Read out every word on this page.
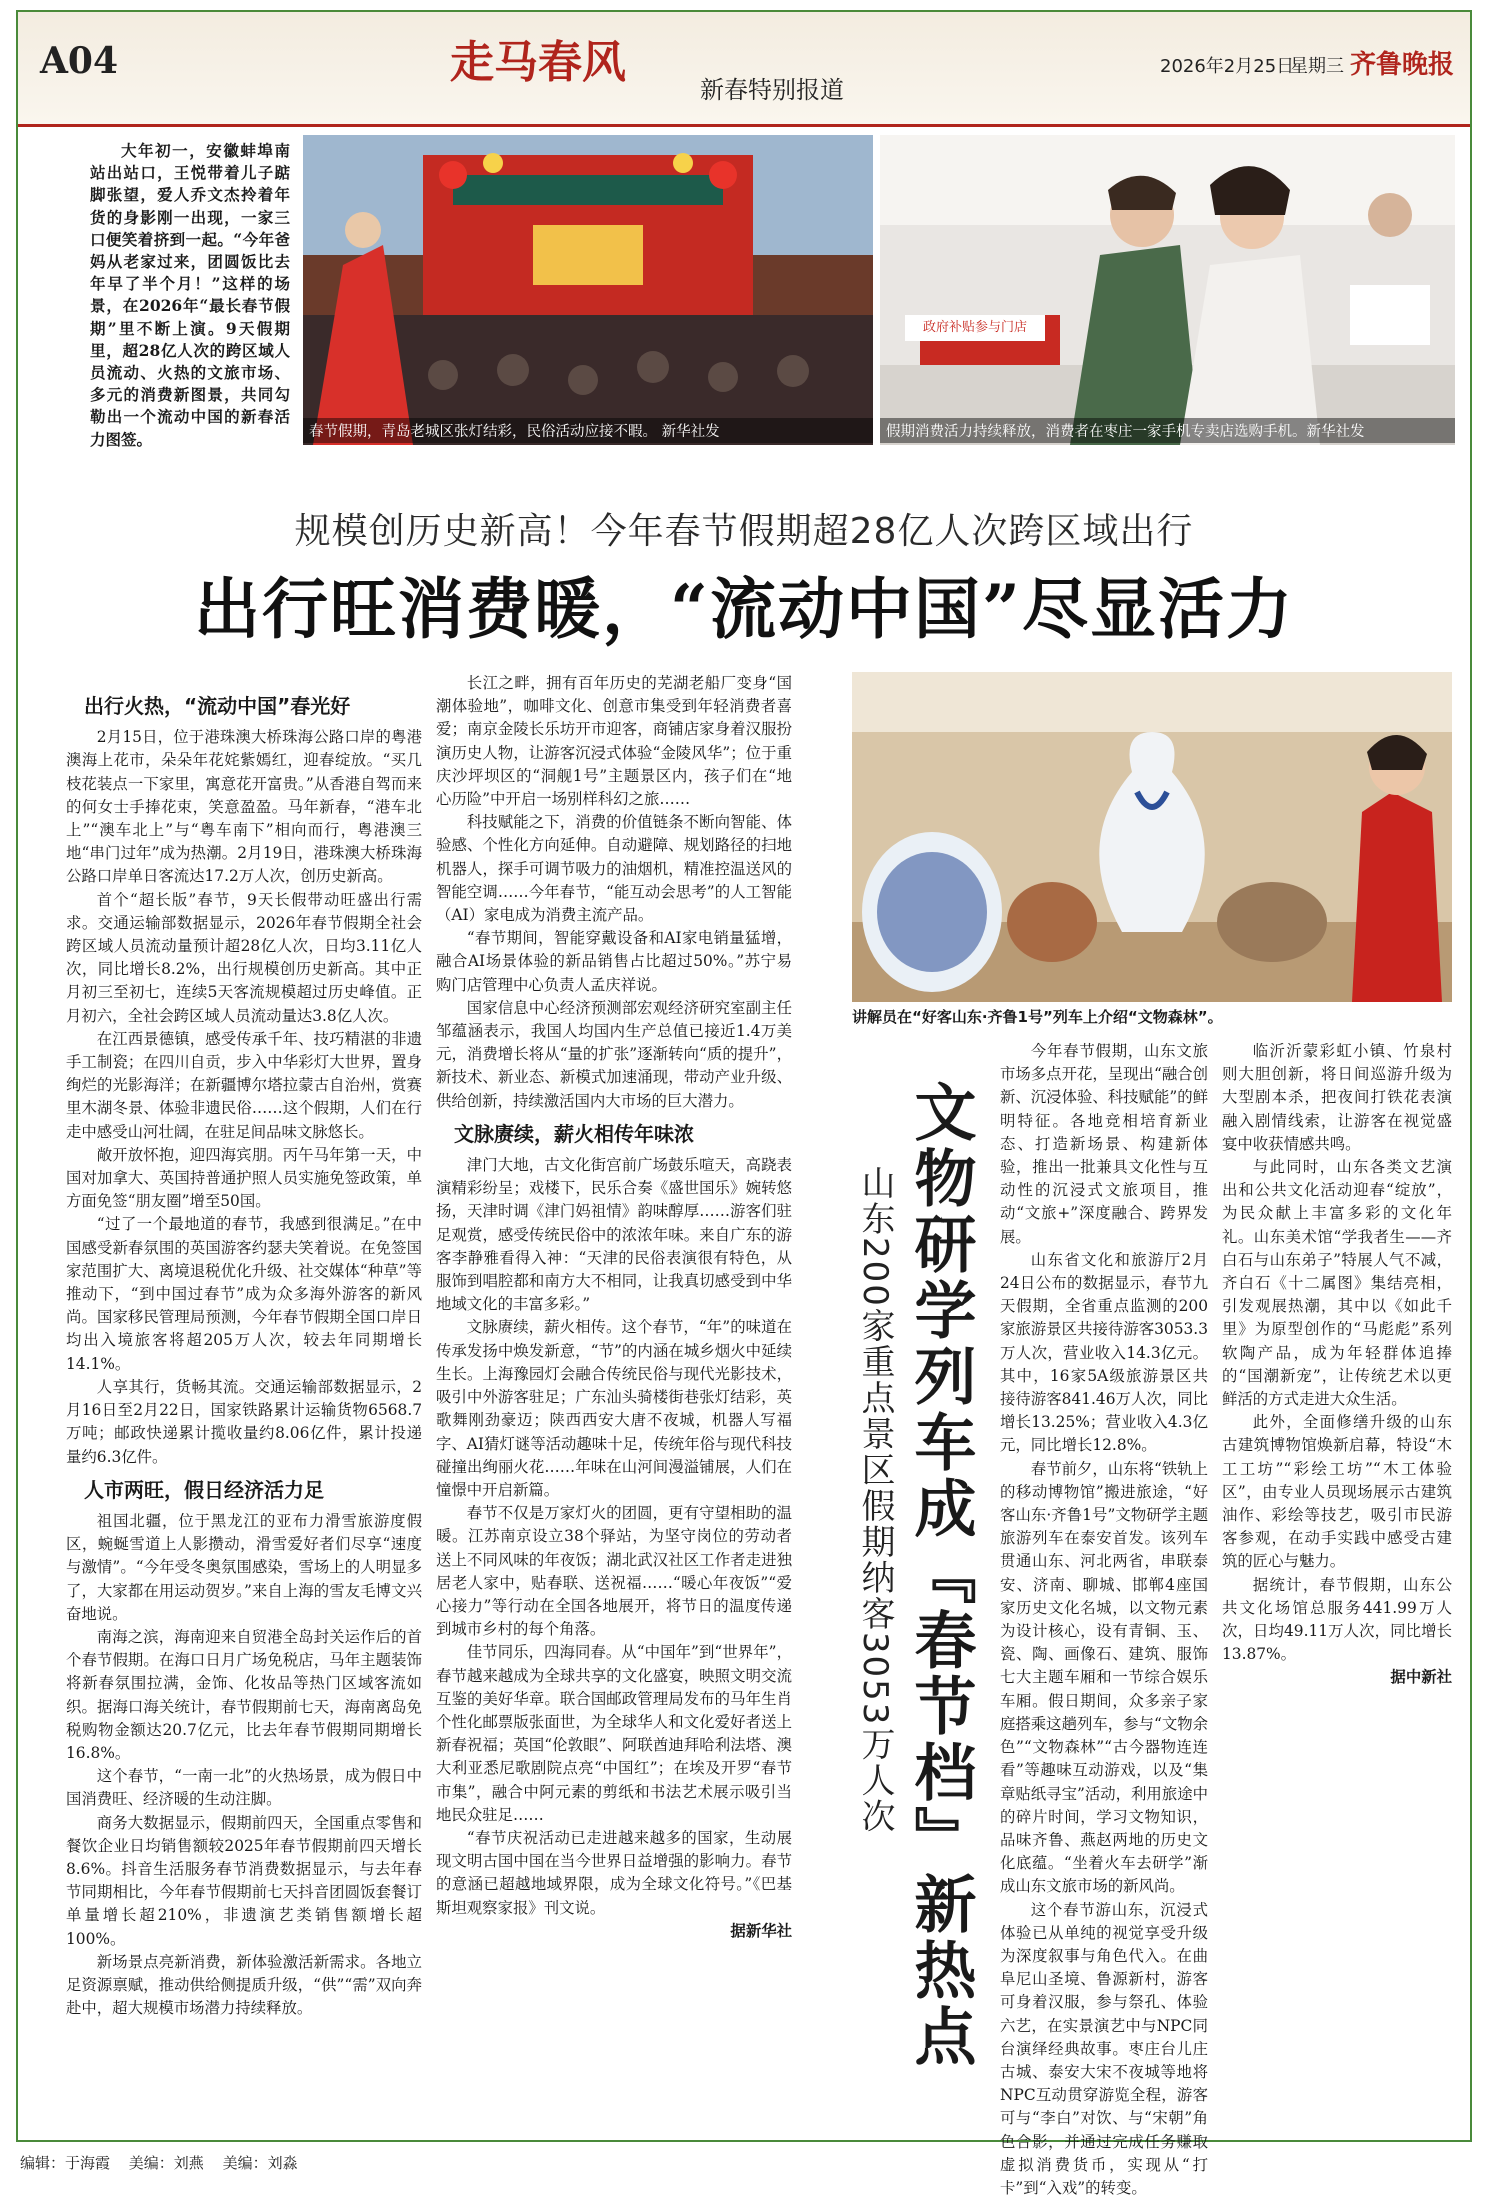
A04	走马春风
新春特别报道
2026年2月25日
星期三 齐鲁晚报
大年初一，安徽蚌埠南站出站口，王悦带着儿子踮脚张望，爱人乔文杰拎着年货的身影刚一出现，一家三口便笑着挤到一起。“今年爸妈从老家过来，团圆饭比去年早了半个月！”这样的场景，在2026年“最长春节假期”里不断上演。9天假期里，超28亿人次的跨区域人员流动、火热的文旅市场、多元的消费新图景，共同勾勒出一个流动中国的新春活力图签。	春节假期，青岛老城区张灯结彩，民俗活动应接不暇。 新华社发
政府补贴参与门店
假期消费活力持续释放，消费者在枣庄一家手机专卖店选购手机。新华社发
规模创历史新高！今年春节假期超28亿人次跨区域出行
出行旺消费暖，“流动中国”尽显活力
出行火热，“流动中国”春光好

2月15日，位于港珠澳大桥珠海公路口岸的粤港澳海上花市，朵朵年花姹紫嫣红，迎春绽放。“买几枝花装点一下家里，寓意花开富贵。”从香港自驾而来的何女士手捧花束，笑意盈盈。马年新春，“港车北上”“澳车北上”与“粤车南下”相向而行，粤港澳三地“串门过年”成为热潮。2月19日，港珠澳大桥珠海公路口岸单日客流达17.2万人次，创历史新高。

首个“超长版”春节，9天长假带动旺盛出行需求。交通运输部数据显示，2026年春节假期全社会跨区域人员流动量预计超28亿人次，日均3.11亿人次，同比增长8.2%，出行规模创历史新高。其中正月初三至初七，连续5天客流规模超过历史峰值。正月初六，全社会跨区域人员流动量达3.8亿人次。

在江西景德镇，感受传承千年、技巧精湛的非遗手工制瓷；在四川自贡，步入中华彩灯大世界，置身绚烂的光影海洋；在新疆博尔塔拉蒙古自治州，赏赛里木湖冬景、体验非遗民俗……这个假期，人们在行走中感受山河壮阔，在驻足间品味文脉悠长。

敞开放怀抱，迎四海宾朋。丙午马年第一天，中国对加拿大、英国持普通护照人员实施免签政策，单方面免签“朋友圈”增至50国。

“过了一个最地道的春节，我感到很满足。”在中国感受新春氛围的英国游客约瑟夫笑着说。在免签国家范围扩大、离境退税优化升级、社交媒体“种草”等推动下，“到中国过春节”成为众多海外游客的新风尚。国家移民管理局预测，今年春节假期全国口岸日均出入境旅客将超205万人次，较去年同期增长14.1%。

人享其行，货畅其流。交通运输部数据显示，2月16日至2月22日，国家铁路累计运输货物6568.7万吨；邮政快递累计揽收量约8.06亿件，累计投递量约6.3亿件。

人市两旺，假日经济活力足

祖国北疆，位于黑龙江的亚布力滑雪旅游度假区，蜿蜒雪道上人影攒动，滑雪爱好者们尽享“速度与激情”。“今年受冬奥氛围感染，雪场上的人明显多了，大家都在用运动贺岁。”来自上海的雪友毛博文兴奋地说。

南海之滨，海南迎来自贸港全岛封关运作后的首个春节假期。在海口日月广场免税店，马年主题装饰将新春氛围拉满，金饰、化妆品等热门区域客流如织。据海口海关统计，春节假期前七天，海南离岛免税购物金额达20.7亿元，比去年春节假期同期增长16.8%。

这个春节，“一南一北”的火热场景，成为假日中国消费旺、经济暖的生动注脚。

商务大数据显示，假期前四天，全国重点零售和餐饮企业日均销售额较2025年春节假期前四天增长8.6%。抖音生活服务春节消费数据显示，与去年春节同期相比，今年春节假期前七天抖音团圆饭套餐订单量增长超210%，非遗演艺类销售额增长超100%。

新场景点亮新消费，新体验激活新需求。各地立足资源禀赋，推动供给侧提质升级，“供”“需”双向奔赴中，超大规模市场潜力持续释放。

长江之畔，拥有百年历史的芜湖老船厂变身“国潮体验地”，咖啡文化、创意市集受到年轻消费者喜爱；南京金陵长乐坊开市迎客，商铺店家身着汉服扮演历史人物，让游客沉浸式体验“金陵风华”；位于重庆沙坪坝区的“洞舰1号”主题景区内，孩子们在“地心历险”中开启一场别样科幻之旅……

科技赋能之下，消费的价值链条不断向智能、体验感、个性化方向延伸。自动避障、规划路径的扫地机器人，探手可调节吸力的油烟机，精准控温送风的智能空调……今年春节，“能互动会思考”的人工智能（AI）家电成为消费主流产品。

“春节期间，智能穿戴设备和AI家电销量猛增，融合AI场景体验的新品销售占比超过50%。”苏宁易购门店管理中心负责人孟庆祥说。

国家信息中心经济预测部宏观经济研究室副主任邹蕴涵表示，我国人均国内生产总值已接近1.4万美元，消费增长将从“量的扩张”逐渐转向“质的提升”，新技术、新业态、新模式加速涌现，带动产业升级、供给创新，持续激活国内大市场的巨大潜力。

文脉赓续，薪火相传年味浓

津门大地，古文化街宫前广场鼓乐喧天，高跷表演精彩纷呈；戏楼下，民乐合奏《盛世国乐》婉转悠扬，天津时调《津门妈祖情》韵味醇厚……游客们驻足观赏，感受传统民俗中的浓浓年味。来自广东的游客李静雅看得入神：“天津的民俗表演很有特色，从服饰到唱腔都和南方大不相同，让我真切感受到中华地域文化的丰富多彩。”

文脉赓续，薪火相传。这个春节，“年”的味道在传承发扬中焕发新意，“节”的内涵在城乡烟火中延续生长。上海豫园灯会融合传统民俗与现代光影技术，吸引中外游客驻足；广东汕头骑楼街巷张灯结彩，英歌舞刚劲豪迈；陕西西安大唐不夜城，机器人写福字、AI猜灯谜等活动趣味十足，传统年俗与现代科技碰撞出绚丽火花……年味在山河间漫溢铺展，人们在憧憬中开启新篇。

春节不仅是万家灯火的团圆，更有守望相助的温暖。江苏南京设立38个驿站，为坚守岗位的劳动者送上不同风味的年夜饭；湖北武汉社区工作者走进独居老人家中，贴春联、送祝福……“暖心年夜饭”“爱心接力”等行动在全国各地展开，将节日的温度传递到城市乡村的每个角落。

佳节同乐，四海同春。从“中国年”到“世界年”，春节越来越成为全球共享的文化盛宴，映照文明交流互鉴的美好华章。联合国邮政管理局发布的马年生肖个性化邮票版张面世，为全球华人和文化爱好者送上新春祝福；英国“伦敦眼”、阿联酋迪拜哈利法塔、澳大利亚悉尼歌剧院点亮“中国红”；在埃及开罗“春节市集”，融合中阿元素的剪纸和书法艺术展示吸引当地民众驻足……

“春节庆祝活动已走进越来越多的国家，生动展现文明古国中国在当今世界日益增强的影响力。春节的意涵已超越地域界限，成为全球文化符号。”《巴基斯坦观察家报》刊文说。

据新华社
讲解员在“好客山东·齐鲁1号”列车上介绍“文物森林”。
文物研学列车成『春节档』新热点
山东200家重点景区假期纳客3053万人次

今年春节假期，山东文旅市场多点开花，呈现出“融合创新、沉浸体验、科技赋能”的鲜明特征。各地竞相培育新业态、打造新场景、构建新体验，推出一批兼具文化性与互动性的沉浸式文旅项目，推动“文旅+”深度融合、跨界发展。

山东省文化和旅游厅2月24日公布的数据显示，春节九天假期，全省重点监测的200家旅游景区共接待游客3053.3万人次，营业收入14.3亿元。其中，16家5A级旅游景区共接待游客841.46万人次，同比增长13.25%；营业收入4.3亿元，同比增长12.8%。

春节前夕，山东将“铁轨上的移动博物馆”搬进旅途，“好客山东·齐鲁1号”文物研学主题旅游列车在泰安首发。该列车贯通山东、河北两省，串联泰安、济南、聊城、邯郸4座国家历史文化名城，以文物元素为设计核心，设有青铜、玉、瓷、陶、画像石、建筑、服饰七大主题车厢和一节综合娱乐车厢。假日期间，众多亲子家庭搭乘这趟列车，参与“文物余色”“文物森林”“古今器物连连看”等趣味互动游戏，以及“集章贴纸寻宝”活动，利用旅途中的碎片时间，学习文物知识，品味齐鲁、燕赵两地的历史文化底蕴。“坐着火车去研学”渐成山东文旅市场的新风尚。

这个春节游山东，沉浸式体验已从单纯的视觉享受升级为深度叙事与角色代入。在曲阜尼山圣境、鲁源新村，游客可身着汉服，参与祭孔、体验六艺，在实景演艺中与NPC同台演绎经典故事。枣庄台儿庄古城、泰安大宋不夜城等地将NPC互动贯穿游览全程，游客可与“李白”对饮、与“宋朝”角色合影，并通过完成任务赚取虚拟消费货币，实现从“打卡”到“入戏”的转变。

临沂沂蒙彩虹小镇、竹泉村则大胆创新，将日间巡游升级为大型剧本杀，把夜间打铁花表演融入剧情线索，让游客在视觉盛宴中收获情感共鸣。

与此同时，山东各类文艺演出和公共文化活动迎春“绽放”，为民众献上丰富多彩的文化年礼。山东美术馆“学我者生——齐白石与山东弟子”特展人气不减，齐白石《十二属图》集结亮相，引发观展热潮，其中以《如此千里》为原型创作的“马彪彪”系列软陶产品，成为年轻群体追捧的“国潮新宠”，让传统艺术以更鲜活的方式走进大众生活。

此外，全面修缮升级的山东古建筑博物馆焕新启幕，特设“木工工坊”“彩绘工坊”“木工体验区”，由专业人员现场展示古建筑油作、彩绘等技艺，吸引市民游客参观，在动手实践中感受古建筑的匠心与魅力。

据统计，春节假期，山东公共文化场馆总服务441.99万人次，日均49.11万人次，同比增长13.87%。

据中新社
编辑：于海霞 美编：刘燕 美编：刘淼
